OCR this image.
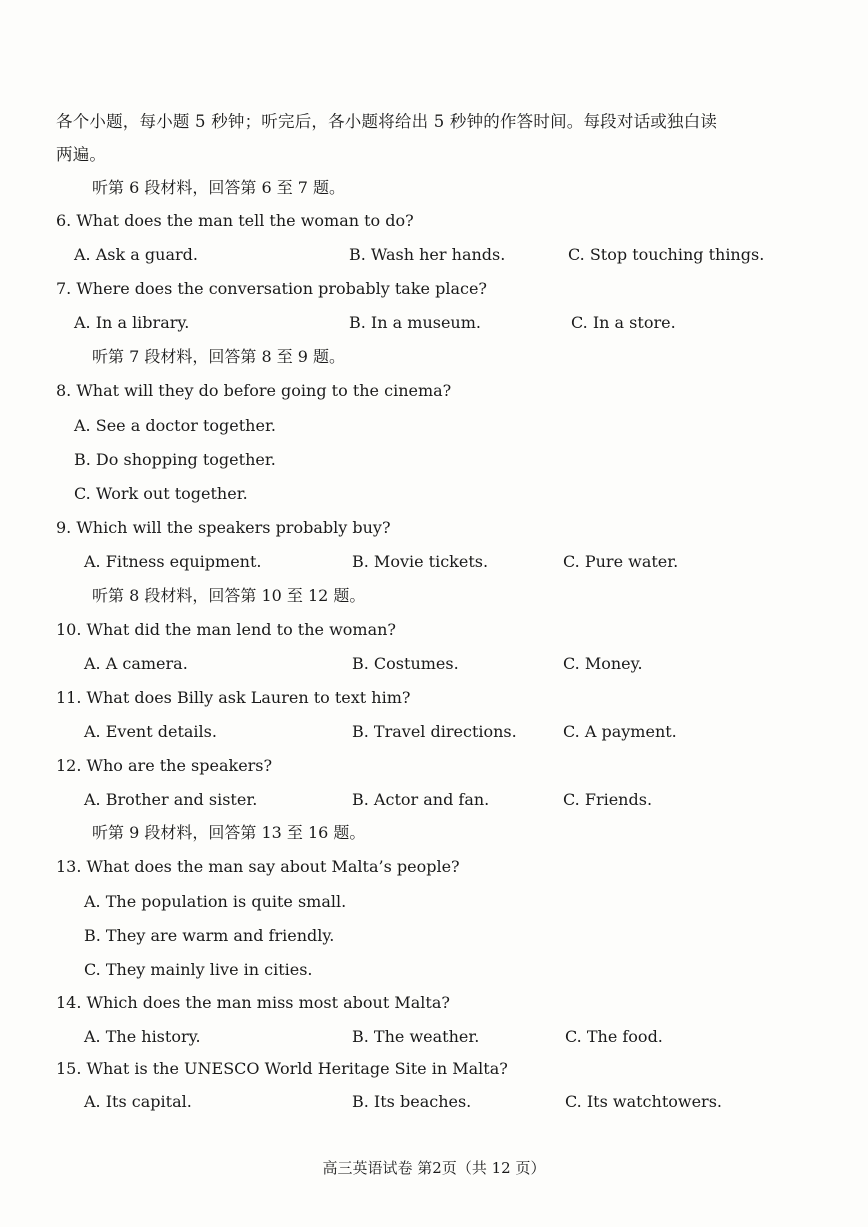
各个小题，每小题 5 秒钟；听完后，各小题将给出 5 秒钟的作答时间。每段对话或独白读
两遍。
听第 6 段材料，回答第 6 至 7 题。
6. What does the man tell the woman to do?
A. Ask a guard.	B. Wash her hands.	C. Stop touching things.
7. Where does the conversation probably take place?
A. In a library.	B. In a museum.	C. In a store.
听第 7 段材料，回答第 8 至 9 题。
8. What will they do before going to the cinema?
A. See a doctor together.
B. Do shopping together.
C. Work out together.
9. Which will the speakers probably buy?
A. Fitness equipment.	B. Movie tickets.	C. Pure water.
听第 8 段材料，回答第 10 至 12 题。
10. What did the man lend to the woman?
A. A camera.	B. Costumes.	C. Money.
11. What does Billy ask Lauren to text him?
A. Event details.	B. Travel directions.	C. A payment.
12. Who are the speakers?
A. Brother and sister.	B. Actor and fan.	C. Friends.
听第 9 段材料，回答第 13 至 16 题。
13. What does the man say about Malta’s people?
A. The population is quite small.
B. They are warm and friendly.
C. They mainly live in cities.
14. Which does the man miss most about Malta?
A. The history.	B. The weather.	C. The food.
15. What is the UNESCO World Heritage Site in Malta?
A. Its capital.	B. Its beaches.	C. Its watchtowers.
高三英语试卷 第2页（共 12 页）
